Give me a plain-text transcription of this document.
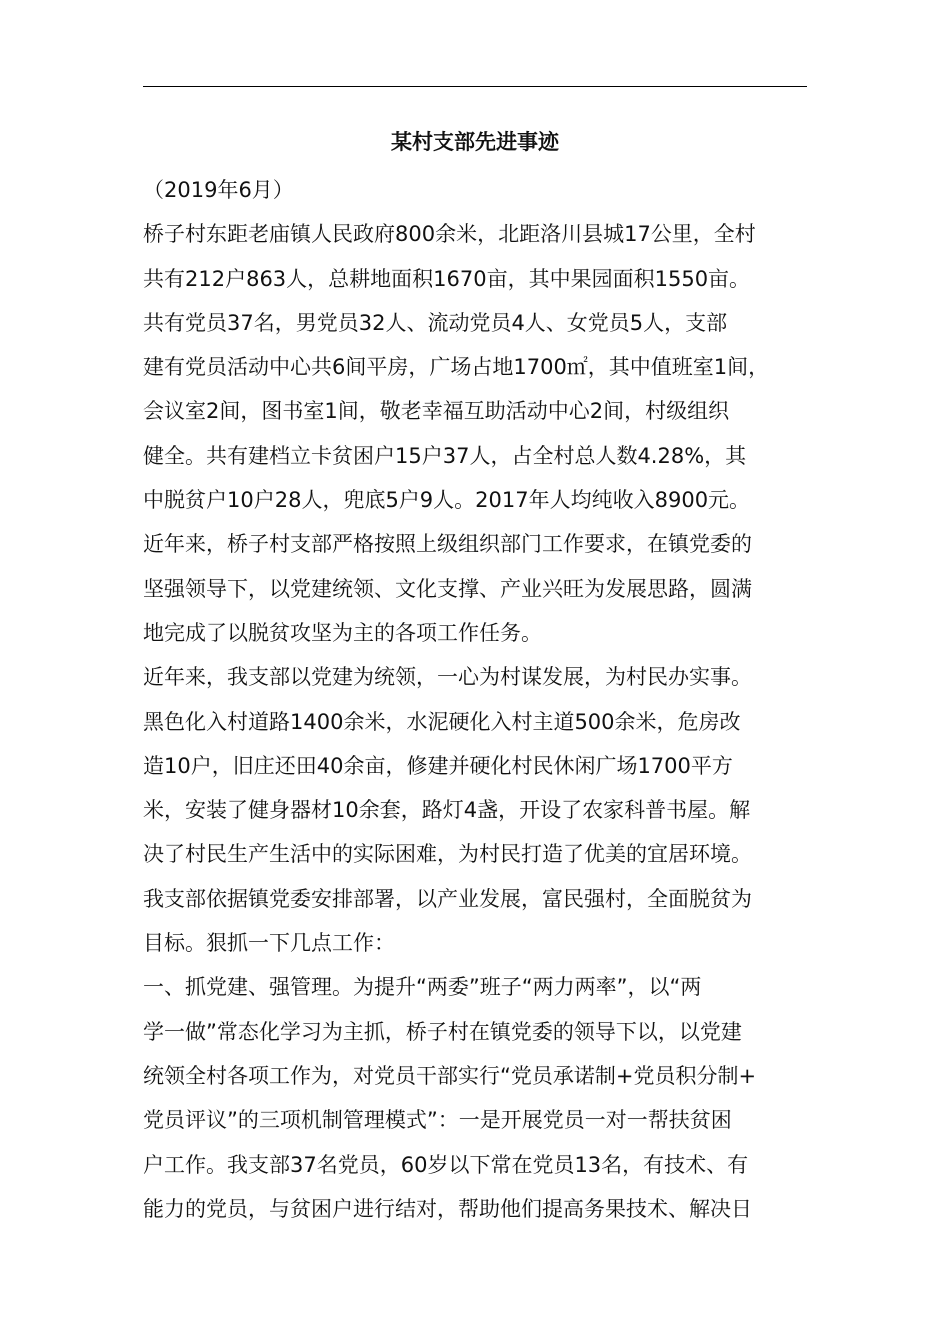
某村支部先进事迹

（2019年6月）

桥子村东距老庙镇人民政府800余米，北距洛川县城17公里，全村
共有212户863人，总耕地面积1670亩，其中果园面积1550亩。
共有党员37名，男党员32人、流动党员4人、女党员5人，支部
建有党员活动中心共6间平房，广场占地1700㎡，其中值班室1间，
会议室2间，图书室1间，敬老幸福互助活动中心2间，村级组织
健全。共有建档立卡贫困户15户37人，占全村总人数4.28%，其
中脱贫户10户28人，兜底5户9人。2017年人均纯收入8900元。
近年来，桥子村支部严格按照上级组织部门工作要求，在镇党委的
坚强领导下，以党建统领、文化支撑、产业兴旺为发展思路，圆满
地完成了以脱贫攻坚为主的各项工作任务。

近年来，我支部以党建为统领，一心为村谋发展，为村民办实事。
黑色化入村道路1400余米，水泥硬化入村主道500余米，危房改
造10户，旧庄还田40余亩，修建并硬化村民休闲广场1700平方
米，安装了健身器材10余套，路灯4盏，开设了农家科普书屋。解
决了村民生产生活中的实际困难，为村民打造了优美的宜居环境。

我支部依据镇党委安排部署，以产业发展，富民强村，全面脱贫为
目标。狠抓一下几点工作：

一、抓党建、强管理。为提升“两委”班子“两力两率”，以“两
学一做”常态化学习为主抓，桥子村在镇党委的领导下以，以党建
统领全村各项工作为，对党员干部实行“党员承诺制+党员积分制+
党员评议”的三项机制管理模式”：一是开展党员一对一帮扶贫困
户工作。我支部37名党员，60岁以下常在党员13名，有技术、有
能力的党员，与贫困户进行结对，帮助他们提高务果技术、解决日
